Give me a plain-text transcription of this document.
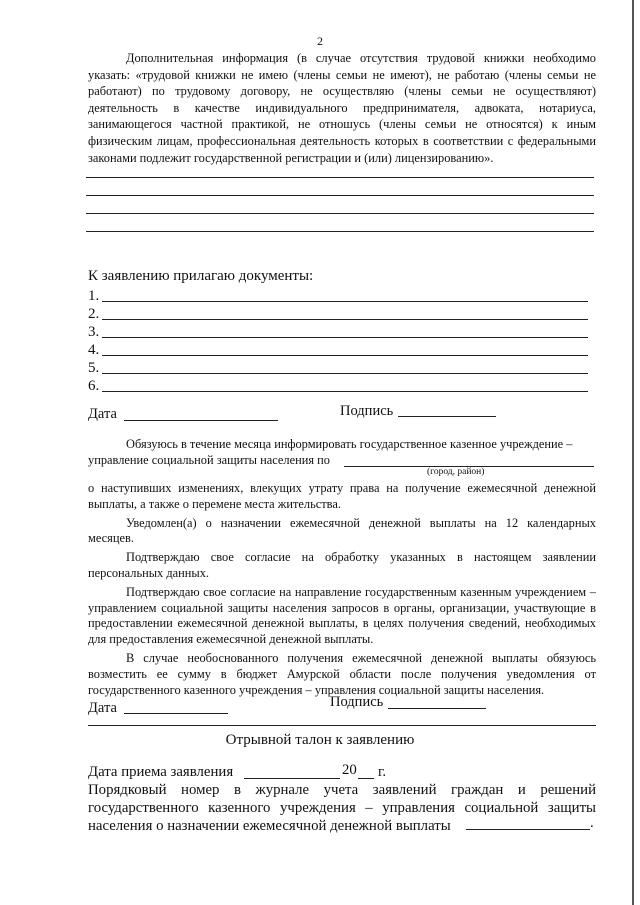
2

Дополнительная информация (в случае отсутствия трудовой книжки необходимо указать: «трудовой книжки не имею (члены семьи не имеют), не работаю (члены семьи не работают) по трудовому договору, не осуществляю (члены семьи не осуществляют) деятельность в качестве индивидуального предпринимателя, адвоката, нотариуса, занимающегося частной практикой, не отношусь (члены семьи не относятся) к иным физическим лицам, профессиональная деятельность которых в соответствии с федеральными законами подлежит государственной регистрации и (или) лицензированию».

К заявлению прилагаю документы:
1.
2.
3.
4.
5.
6.
Дата	Подпись

Обязуюсь в течение месяца информировать государственное казенное учреждение –

управление социальной защиты населения по

(город, район)

о наступивших изменениях, влекущих утрату права на получение ежемесячной денежной выплаты, а также о перемене места жительства.

Уведомлен(а) о назначении ежемесячной денежной выплаты на 12 календарных месяцев.

Подтверждаю свое согласие на обработку указанных в настоящем заявлении персональных данных.

Подтверждаю свое согласие на направление государственным казенным учреждением – управлением социальной защиты населения запросов в органы, организации, участвующие в предоставлении ежемесячной денежной выплаты, в целях получения сведений, необходимых для предоставления ежемесячной денежной выплаты.

В случае необоснованного получения ежемесячной денежной выплаты обязуюсь возместить ее сумму в бюджет Амурской области после получения уведомления от государственного казенного учреждения – управления социальной защиты населения.

Дата	Подпись
Отрывной талон к заявлению
Дата приема заявления	20 г.
Порядковый номер в журнале учета заявлений граждан и решений государственного казенного учреждения – управления социальной защиты населения о назначении ежемесячной денежной выплаты	.
